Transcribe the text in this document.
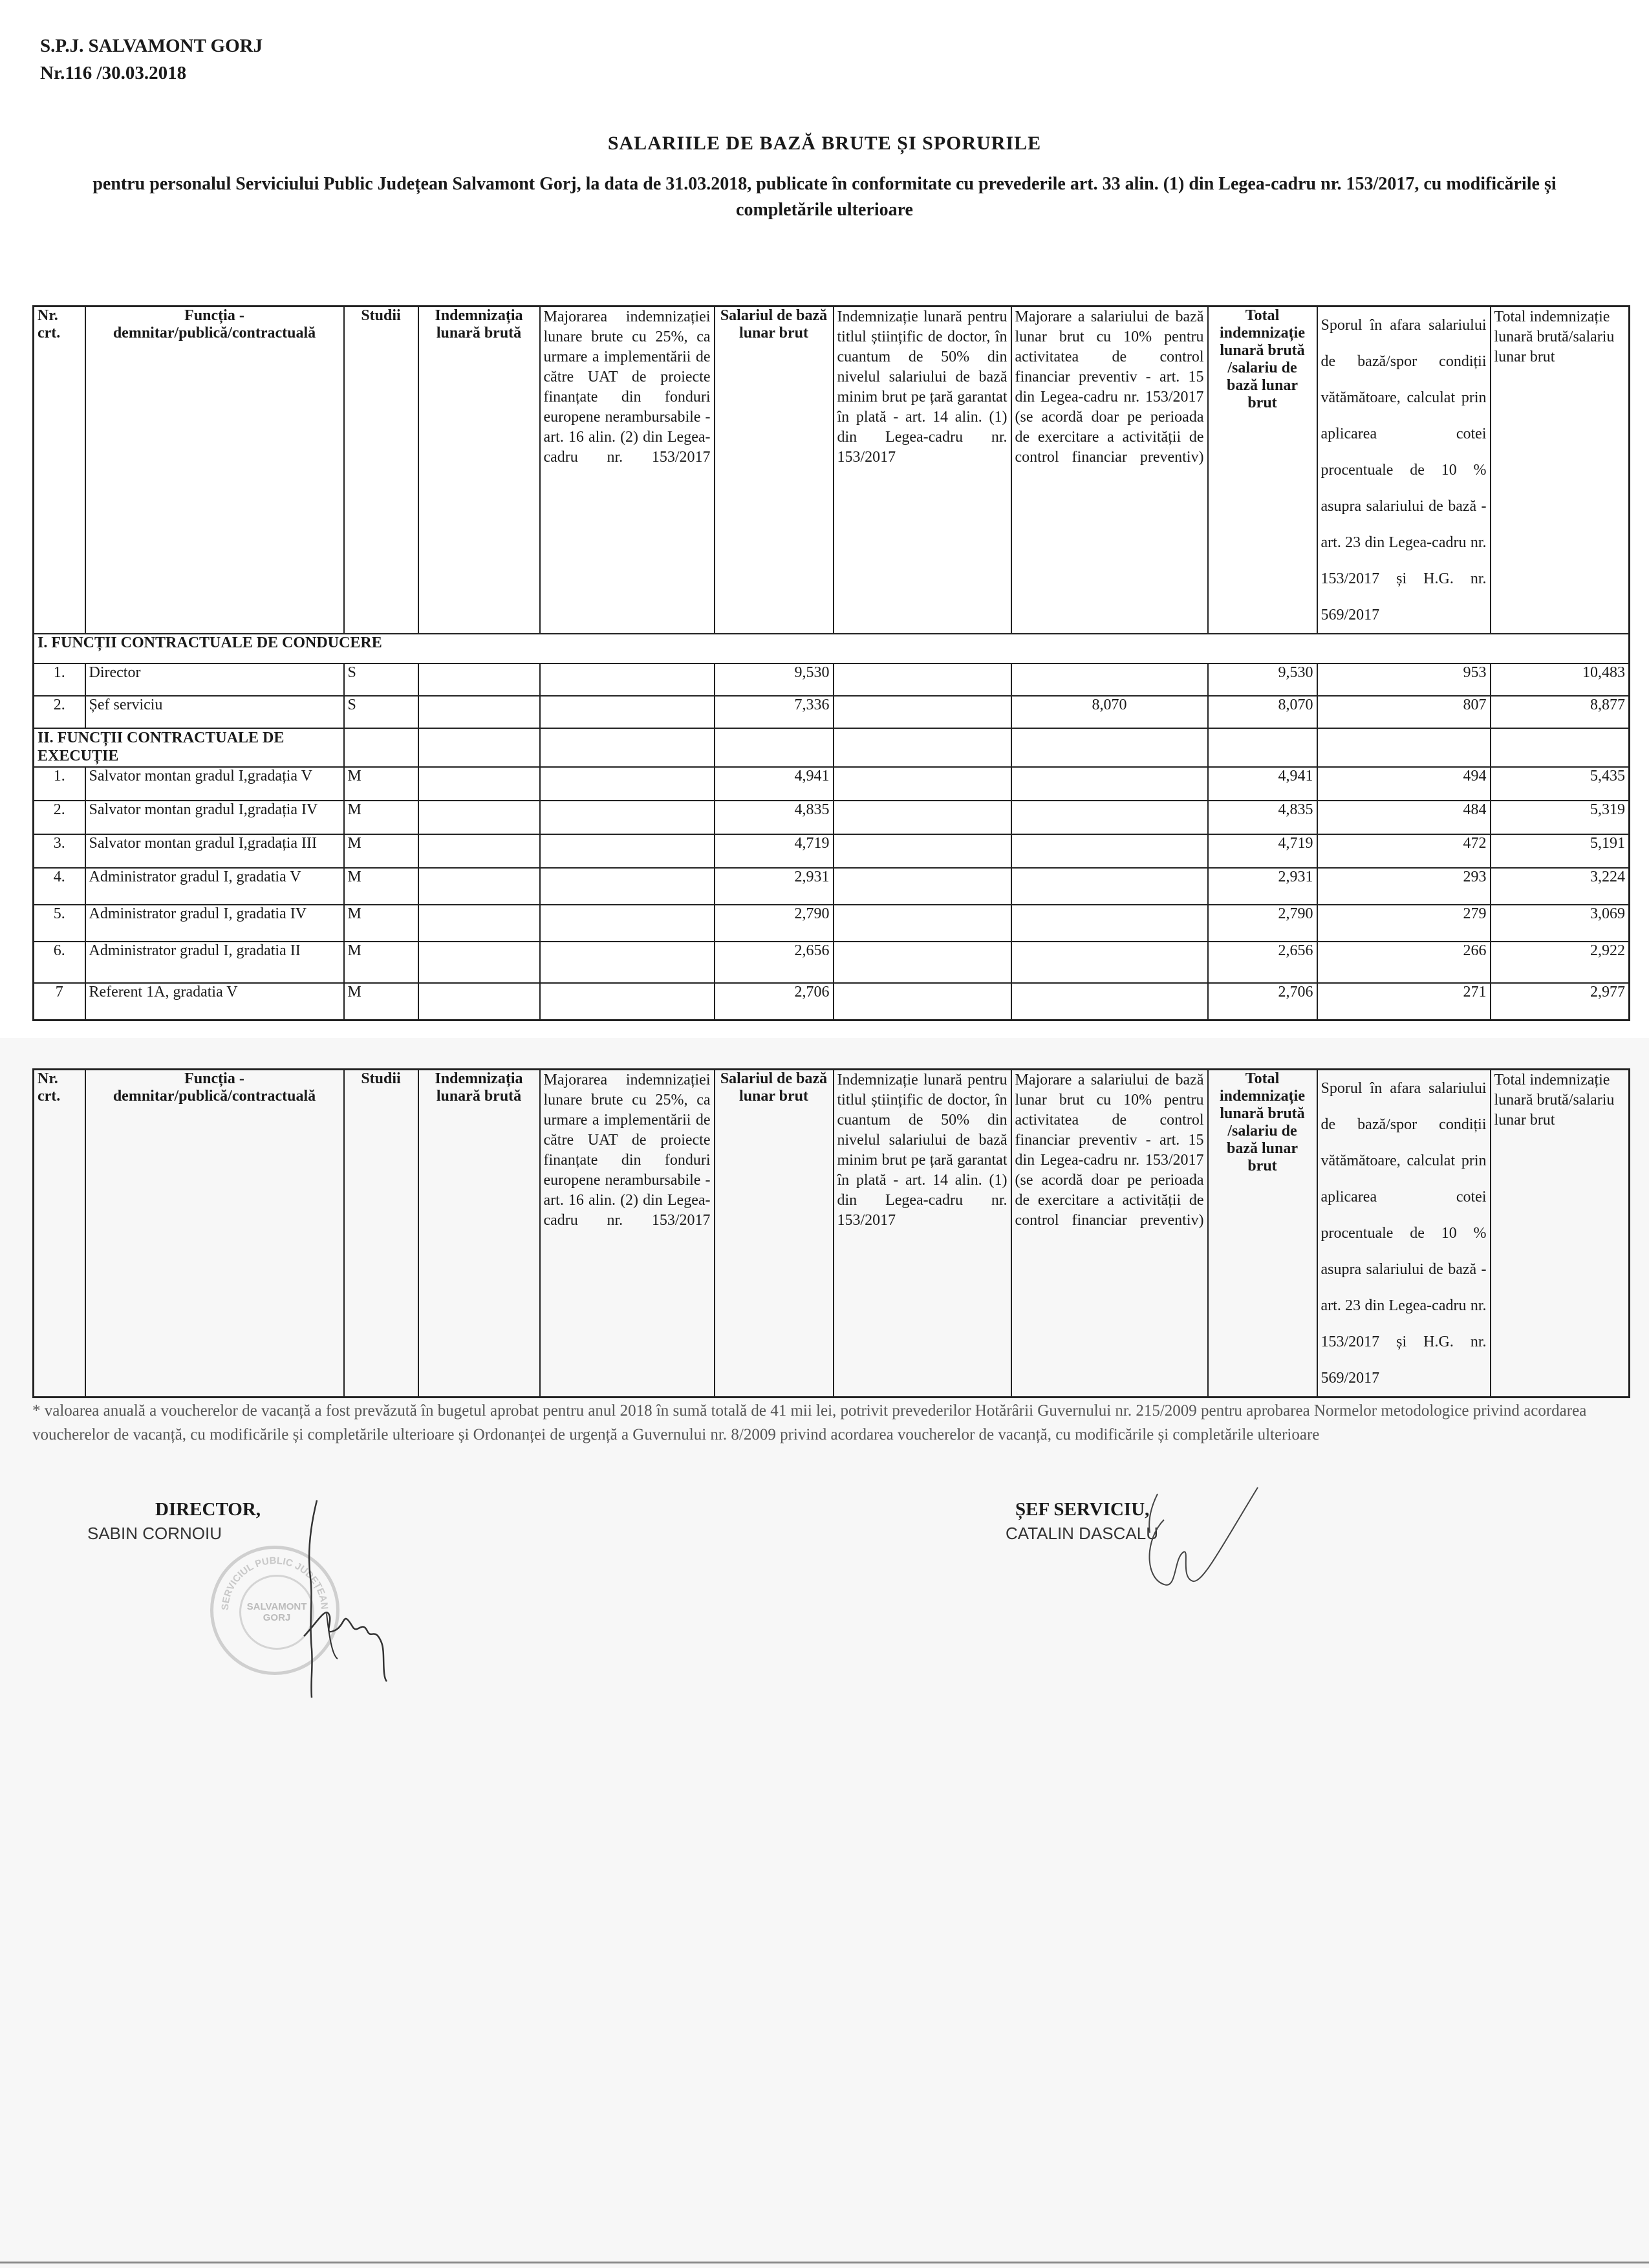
S.P.J. SALVAMONT GORJ
Nr.116 /30.03.2018
SALARIILE DE BAZĂ BRUTE ȘI SPORURILE
pentru personalul Serviciului Public Județean Salvamont Gorj, la data de 31.03.2018, publicate în conformitate cu prevederile art. 33 alin. (1) din Legea-cadru nr. 153/2017, cu modificările și completările ulterioare
Nr. crt.	Funcția - demnitar/publică/contractuală	Studii	Indemnizația lunară brută	Majorarea indemnizației lunare brute cu 25%, ca urmare a implementării de către UAT de proiecte finanțate din fonduri europene nerambursabile - art. 16 alin. (2) din Legea-cadru nr. 153/2017	Salariul de bază lunar brut	Indemnizație lunară pentru titlul științific de doctor, în cuantum de 50% din nivelul salariului de bază minim brut pe țară garantat în plată - art. 14 alin. (1) din Legea-cadru nr. 153/2017	Majorare a salariului de bază lunar brut cu 10% pentru activitatea de control financiar preventiv - art. 15 din Legea-cadru nr. 153/2017 (se acordă doar pe perioada de exercitare a activității de control financiar preventiv)	Total indemnizație lunară brută /salariu de bază lunar brut	Sporul în afara salariului de bază/spor condiții vătămătoare, calculat prin aplicarea cotei procentuale de 10 % asupra salariului de bază - art. 23 din Legea-cadru nr. 153/2017 și H.G. nr. 569/2017	Total indemnizație lunară brută/salariu lunar brut
I. FUNCȚII CONTRACTUALE DE CONDUCERE										
1.	Director	S			9,530			9,530	953	10,483
2.	Șef serviciu	S			7,336		8,070	8,070	807	8,877
II. FUNCȚII CONTRACTUALE DE EXECUȚIE										
1.	Salvator montan gradul I,gradația V	M			4,941			4,941	494	5,435
2.	Salvator montan gradul I,gradația IV	M			4,835			4,835	484	5,319
3.	Salvator montan gradul I,gradația III	M			4,719			4,719	472	5,191
4.	Administrator gradul I, gradatia V	M			2,931			2,931	293	3,224
5.	Administrator gradul I, gradatia IV	M			2,790			2,790	279	3,069
6.	Administrator gradul I, gradatia II	M			2,656			2,656	266	2,922
7	Referent 1A, gradatia V	M			2,706			2,706	271	2,977
Nr. crt.	Funcția - demnitar/publică/contractuală	Studii	Indemnizația lunară brută	Majorarea indemnizației lunare brute cu 25%, ca urmare a implementării de către UAT de proiecte finanțate din fonduri europene nerambursabile - art. 16 alin. (2) din Legea-cadru nr. 153/2017	Salariul de bază lunar brut	Indemnizație lunară pentru titlul științific de doctor, în cuantum de 50% din nivelul salariului de bază minim brut pe țară garantat în plată - art. 14 alin. (1) din Legea-cadru nr. 153/2017	Majorare a salariului de bază lunar brut cu 10% pentru activitatea de control financiar preventiv - art. 15 din Legea-cadru nr. 153/2017 (se acordă doar pe perioada de exercitare a activității de control financiar preventiv)	Total indemnizație lunară brută /salariu de bază lunar brut	Sporul în afara salariului de bază/spor condiții vătămătoare, calculat prin aplicarea cotei procentuale de 10 % asupra salariului de bază - art. 23 din Legea-cadru nr. 153/2017 și H.G. nr. 569/2017	Total indemnizație lunară brută/salariu lunar brut
* valoarea anuală a voucherelor de vacanță a fost prevăzută în bugetul aprobat pentru anul 2018 în sumă totală de 41 mii lei, potrivit prevederilor Hotărârii Guvernului nr. 215/2009 pentru aprobarea Normelor metodologice privind acordarea voucherelor de vacanță, cu modificările și completările ulterioare și Ordonanței de urgență a Guvernului nr. 8/2009 privind acordarea voucherelor de vacanță, cu modificările și completările ulterioare
DIRECTOR,
SABIN CORNOIU
ȘEF SERVICIU,
CATALIN DASCALU
SERVICIUL PUBLIC JUDEȚEAN
SALVAMONT
GORJ
